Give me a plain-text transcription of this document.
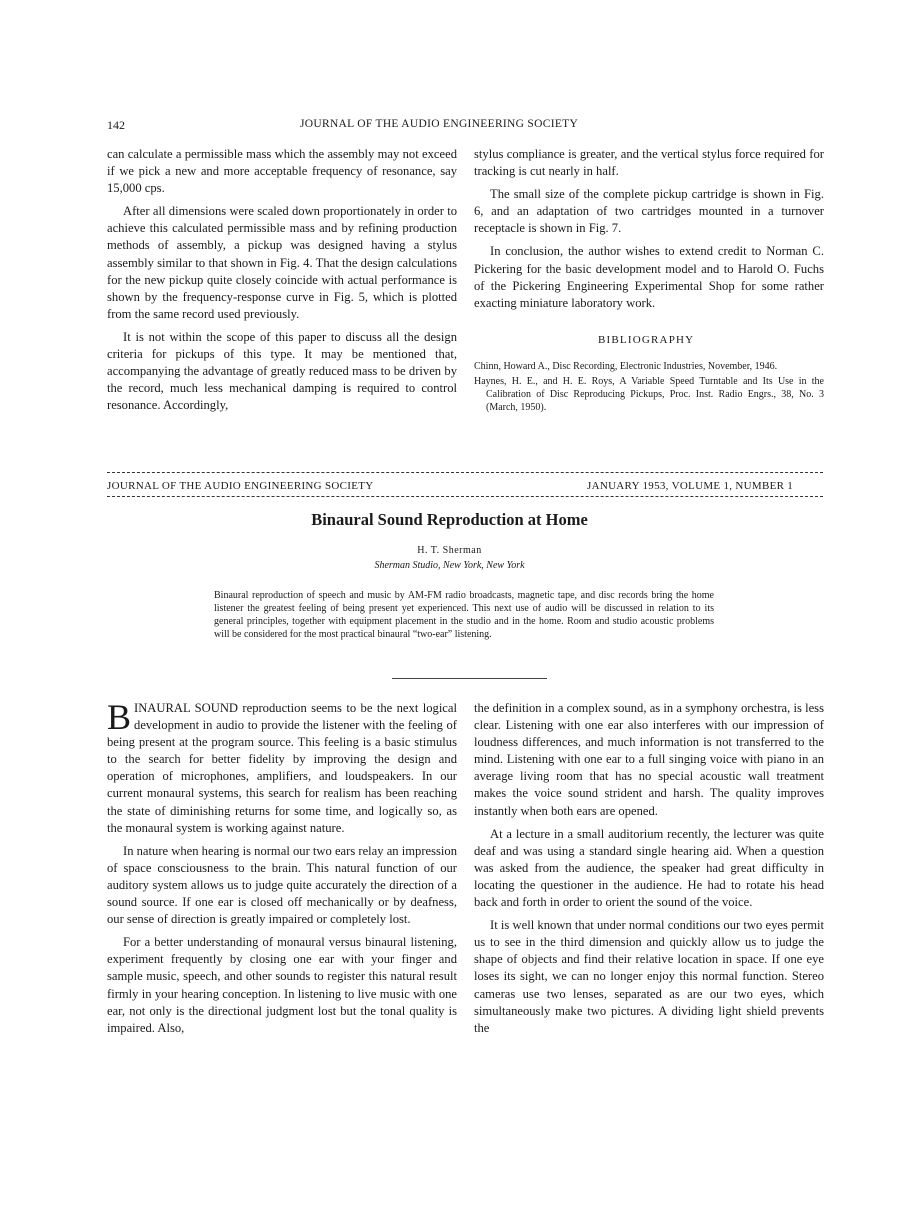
142	JOURNAL OF THE AUDIO ENGINEERING SOCIETY

can calculate a permissible mass which the assembly may not exceed if we pick a new and more acceptable frequency of resonance, say 15,000 cps.

After all dimensions were scaled down proportionately in order to achieve this calculated permissible mass and by refining production methods of assembly, a pickup was designed having a stylus assembly similar to that shown in Fig. 4. That the design calculations for the new pickup quite closely coincide with actual performance is shown by the frequency-response curve in Fig. 5, which is plotted from the same record used previously.

It is not within the scope of this paper to discuss all the design criteria for pickups of this type. It may be mentioned that, accompanying the advantage of greatly reduced mass to be driven by the record, much less mechanical damping is required to control resonance. Accordingly,

stylus compliance is greater, and the vertical stylus force required for tracking is cut nearly in half.

The small size of the complete pickup cartridge is shown in Fig. 6, and an adaptation of two cartridges mounted in a turnover receptacle is shown in Fig. 7.

In conclusion, the author wishes to extend credit to Norman C. Pickering for the basic development model and to Harold O. Fuchs of the Pickering Engineering Experimental Shop for some rather exacting miniature laboratory work.

BIBLIOGRAPHY
Chinn, Howard A., Disc Recording, Electronic Industries, November, 1946.
Haynes, H. E., and H. E. Roys, A Variable Speed Turntable and Its Use in the Calibration of Disc Reproducing Pickups, Proc. Inst. Radio Engrs., 38, No. 3 (March, 1950).
JOURNAL OF THE AUDIO ENGINEERING SOCIETY	JANUARY 1953, VOLUME 1, NUMBER 1
Binaural Sound Reproduction at Home
H. T. Sherman
Sherman Studio, New York, New York
Binaural reproduction of speech and music by AM-FM radio broadcasts, magnetic tape, and disc records bring the home listener the greatest feeling of being present yet experienced. This next use of audio will be discussed in relation to its general principles, together with equipment placement in the studio and in the home. Room and studio acoustic problems will be considered for the most practical binaural “two-ear” listening.

BINAURAL SOUND reproduction seems to be the next logical development in audio to provide the listener with the feeling of being present at the program source. This feeling is a basic stimulus to the search for better fidelity by improving the design and operation of microphones, amplifiers, and loudspeakers. In our current monaural systems, this search for realism has been reaching the state of diminishing returns for some time, and logically so, as the monaural system is working against nature.

In nature when hearing is normal our two ears relay an impression of space consciousness to the brain. This natural function of our auditory system allows us to judge quite accurately the direction of a sound source. If one ear is closed off mechanically or by deafness, our sense of direction is greatly impaired or completely lost.

For a better understanding of monaural versus binaural listening, experiment frequently by closing one ear with your finger and sample music, speech, and other sounds to register this natural result firmly in your hearing conception. In listening to live music with one ear, not only is the directional judgment lost but the tonal quality is impaired. Also,

the definition in a complex sound, as in a symphony orchestra, is less clear. Listening with one ear also interferes with our impression of loudness differences, and much information is not transferred to the mind. Listening with one ear to a full singing voice with piano in an average living room that has no special acoustic wall treatment makes the voice sound strident and harsh. The quality improves instantly when both ears are opened.

At a lecture in a small auditorium recently, the lecturer was quite deaf and was using a standard single hearing aid. When a question was asked from the audience, the speaker had great difficulty in locating the questioner in the audience. He had to rotate his head back and forth in order to orient the sound of the voice.

It is well known that under normal conditions our two eyes permit us to see in the third dimension and quickly allow us to judge the shape of objects and find their relative location in space. If one eye loses its sight, we can no longer enjoy this normal function. Stereo cameras use two lenses, separated as are our two eyes, which simultaneously make two pictures. A dividing light shield prevents the
